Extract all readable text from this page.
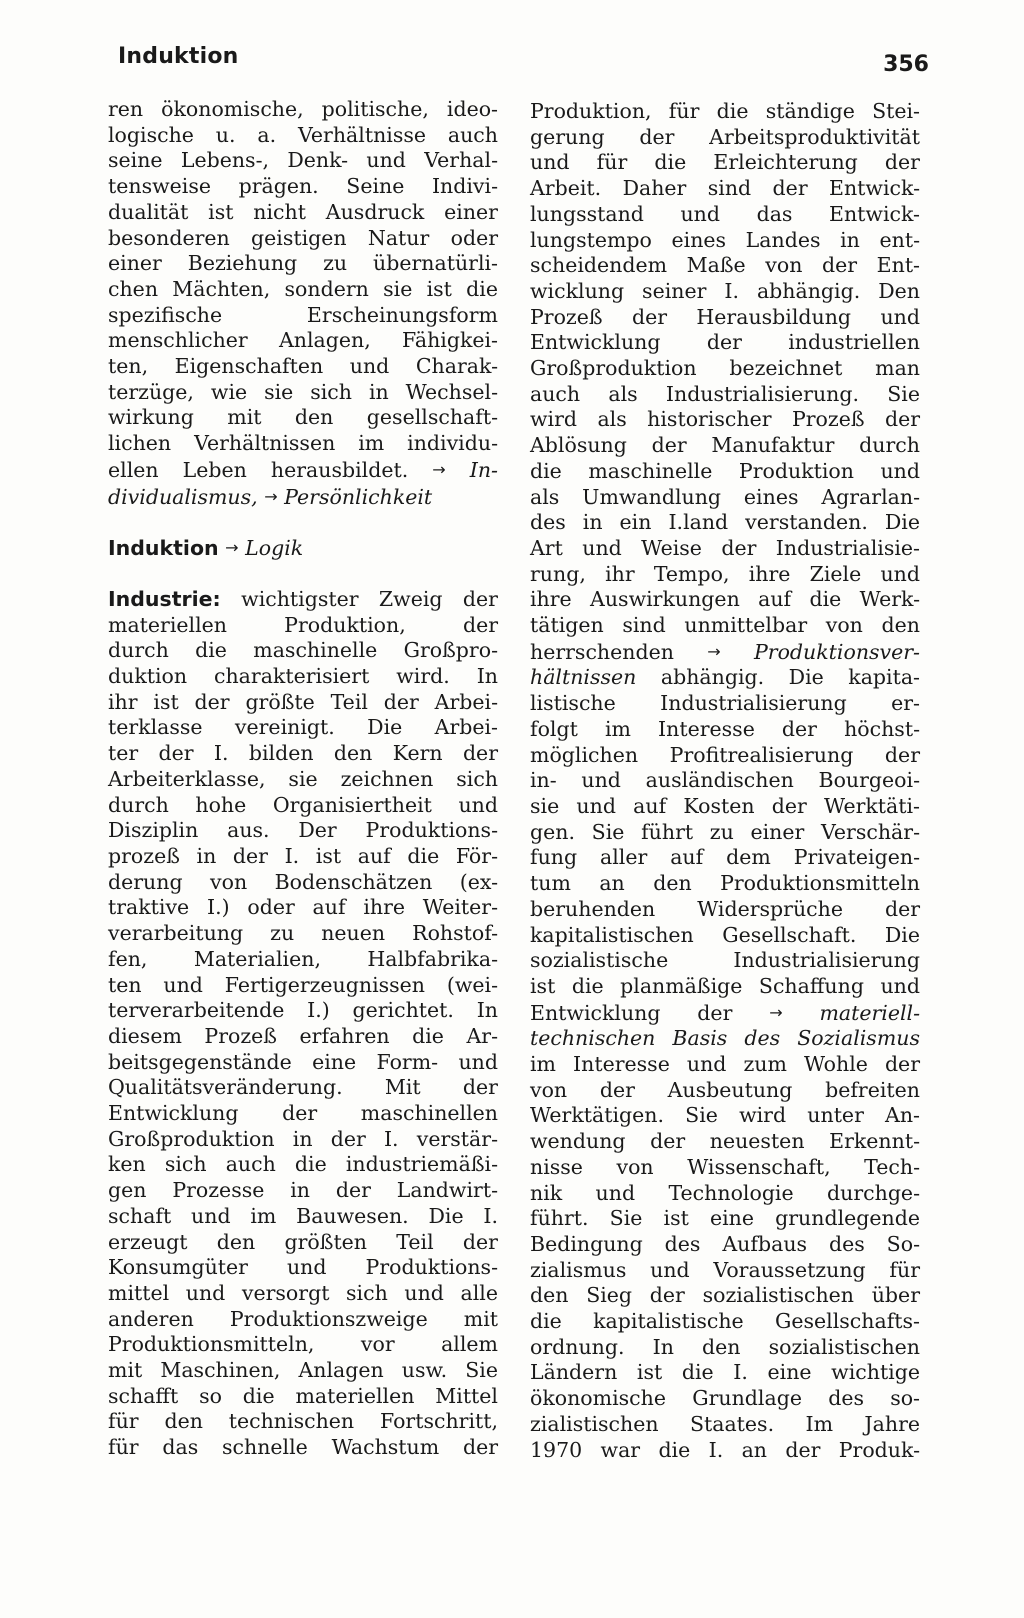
Induktion	356
ren ökonomische, politische, ideo-
logische u. a. Verhältnisse auch
seine Lebens-, Denk- und Verhal-
tensweise prägen. Seine Indivi-
dualität ist nicht Ausdruck einer
besonderen geistigen Natur oder
einer Beziehung zu übernatürli-
chen Mächten, sondern sie ist die
spezifische Erscheinungsform
menschlicher Anlagen, Fähigkei-
ten, Eigenschaften und Charak-
terzüge, wie sie sich in Wechsel-
wirkung mit den gesellschaft-
lichen Verhältnissen im individu-
ellen Leben herausbildet. → In-
dividualismus, → Persönlichkeit
Induktion → Logik
Industrie: wichtigster Zweig der
materiellen Produktion, der
durch die maschinelle Großpro-
duktion charakterisiert wird. In
ihr ist der größte Teil der Arbei-
terklasse vereinigt. Die Arbei-
ter der I. bilden den Kern der
Arbeiterklasse, sie zeichnen sich
durch hohe Organisiertheit und
Disziplin aus. Der Produktions-
prozeß in der I. ist auf die För-
derung von Bodenschätzen (ex-
traktive I.) oder auf ihre Weiter-
verarbeitung zu neuen Rohstof-
fen, Materialien, Halbfabrika-
ten und Fertigerzeugnissen (wei-
terverarbeitende I.) gerichtet. In
diesem Prozeß erfahren die Ar-
beitsgegenstände eine Form- und
Qualitätsveränderung. Mit der
Entwicklung der maschinellen
Großproduktion in der I. verstär-
ken sich auch die industriemäßi-
gen Prozesse in der Landwirt-
schaft und im Bauwesen. Die I.
erzeugt den größten Teil der
Konsumgüter und Produktions-
mittel und versorgt sich und alle
anderen Produktionszweige mit
Produktionsmitteln, vor allem
mit Maschinen, Anlagen usw. Sie
schafft so die materiellen Mittel
für den technischen Fortschritt,
für das schnelle Wachstum der
Produktion, für die ständige Stei-
gerung der Arbeitsproduktivität
und für die Erleichterung der
Arbeit. Daher sind der Entwick-
lungsstand und das Entwick-
lungstempo eines Landes in ent-
scheidendem Maße von der Ent-
wicklung seiner I. abhängig. Den
Prozeß der Herausbildung und
Entwicklung der industriellen
Großproduktion bezeichnet man
auch als Industrialisierung. Sie
wird als historischer Prozeß der
Ablösung der Manufaktur durch
die maschinelle Produktion und
als Umwandlung eines Agrarlan-
des in ein I.land verstanden. Die
Art und Weise der Industrialisie-
rung, ihr Tempo, ihre Ziele und
ihre Auswirkungen auf die Werk-
tätigen sind unmittelbar von den
herrschenden → Produktionsver-
hältnissen abhängig. Die kapita-
listische Industrialisierung er-
folgt im Interesse der höchst-
möglichen Profitrealisierung der
in- und ausländischen Bourgeoi-
sie und auf Kosten der Werktäti-
gen. Sie führt zu einer Verschär-
fung aller auf dem Privateigen-
tum an den Produktionsmitteln
beruhenden Widersprüche der
kapitalistischen Gesellschaft. Die
sozialistische Industrialisierung
ist die planmäßige Schaffung und
Entwicklung der → materiell-
technischen Basis des Sozialismus
im Interesse und zum Wohle der
von der Ausbeutung befreiten
Werktätigen. Sie wird unter An-
wendung der neuesten Erkennt-
nisse von Wissenschaft, Tech-
nik und Technologie durchge-
führt. Sie ist eine grundlegende
Bedingung des Aufbaus des So-
zialismus und Voraussetzung für
den Sieg der sozialistischen über
die kapitalistische Gesellschafts-
ordnung. In den sozialistischen
Ländern ist die I. eine wichtige
ökonomische Grundlage des so-
zialistischen Staates. Im Jahre
1970 war die I. an der Produk-
